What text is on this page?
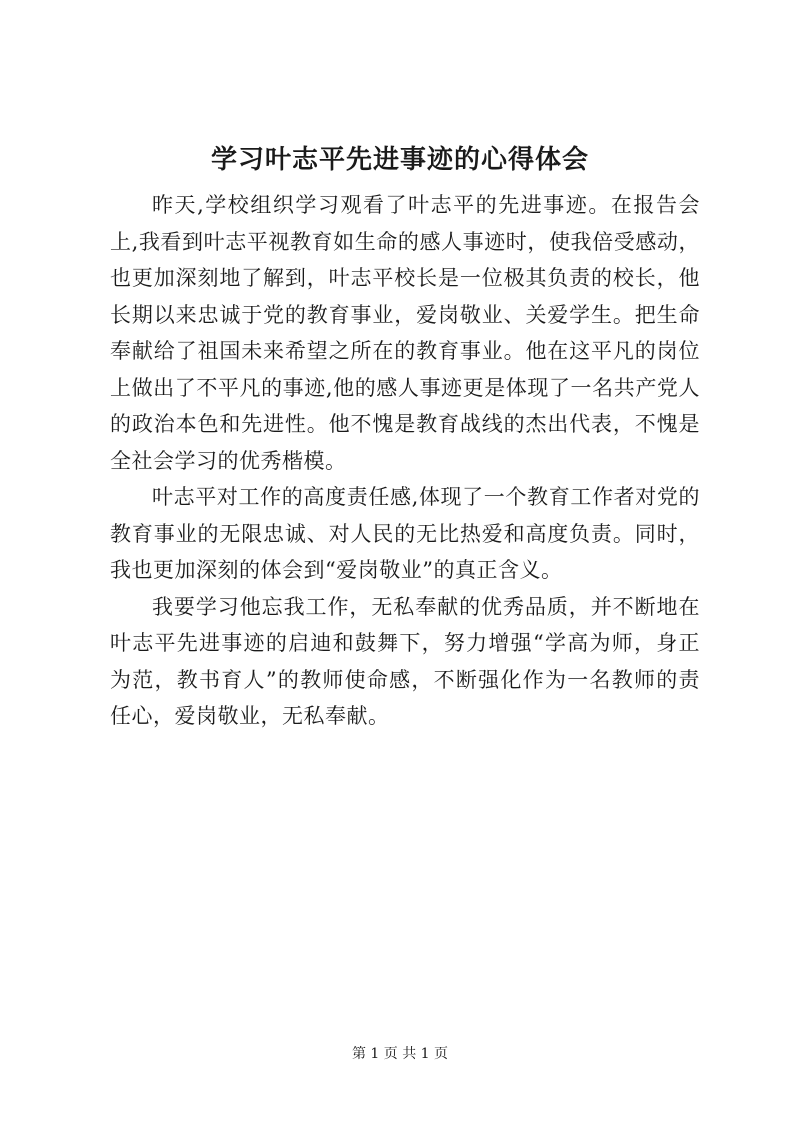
学习叶志平先进事迹的心得体会

昨天,学校组织学习观看了叶志平的先进事迹。在报告会上,我看到叶志平视教育如生命的感人事迹时，使我倍受感动，也更加深刻地了解到，叶志平校长是一位极其负责的校长，他长期以来忠诚于党的教育事业，爱岗敬业、关爱学生。把生命奉献给了祖国未来希望之所在的教育事业。他在这平凡的岗位上做出了不平凡的事迹,他的感人事迹更是体现了一名共产党人的政治本色和先进性。他不愧是教育战线的杰出代表，不愧是全社会学习的优秀楷模。

叶志平对工作的高度责任感,体现了一个教育工作者对党的教育事业的无限忠诚、对人民的无比热爱和高度负责。同时，我也更加深刻的体会到“爱岗敬业”的真正含义。

我要学习他忘我工作，无私奉献的优秀品质，并不断地在叶志平先进事迹的启迪和鼓舞下，努力增强“学高为师，身正为范，教书育人”的教师使命感，不断强化作为一名教师的责任心，爱岗敬业，无私奉献。

第 1 页 共 1 页
